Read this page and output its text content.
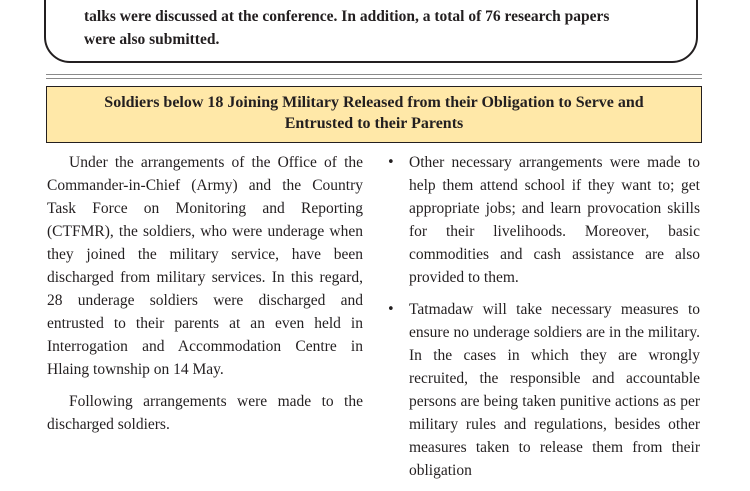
talks were discussed at the conference. In addition, a total of 76 research papers
were also submitted.
Soldiers below 18 Joining Military Released from their Obligation to Serve and
Entrusted to their Parents

Under the arrangements of the Office of the Commander-in-Chief (Army) and the Country Task Force on Monitoring and Reporting (CTFMR), the soldiers, who were underage when they joined the military service, have been discharged from military services. In this regard, 28 underage soldiers were discharged and entrusted to their parents at an even held in Interrogation and Accommodation Centre in Hlaing township on 14 May.

Following arrangements were made to the discharged soldiers.

• Other necessary arrangements were made to help them attend school if they want to; get appropriate jobs; and learn provocation skills for their livelihoods. Moreover, basic commodities and cash assistance are also provided to them.
• Tatmadaw will take necessary measures to ensure no underage soldiers are in the military. In the cases in which they are wrongly recruited, the responsible and accountable persons are being taken punitive actions as per military rules and regulations, besides other measures taken to release them from their obligation
